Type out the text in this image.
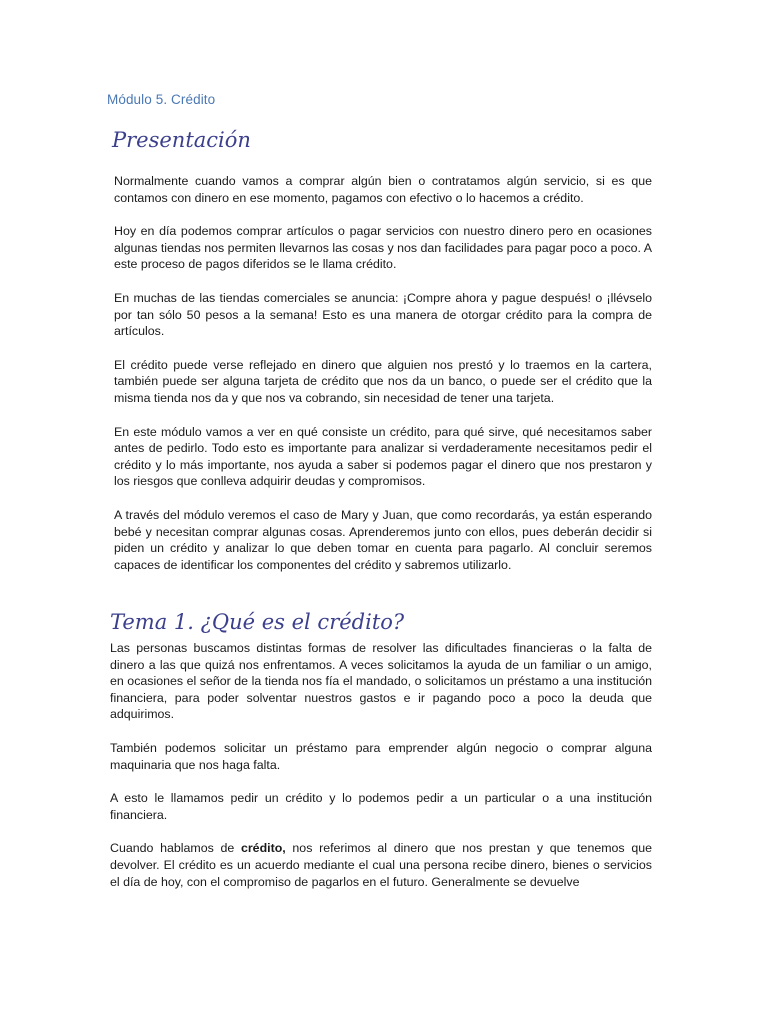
Módulo 5. Crédito
Presentación

Normalmente cuando vamos a comprar algún bien o contratamos algún servicio, si es que contamos con dinero en ese momento, pagamos con efectivo o lo hacemos a crédito.

Hoy en día podemos comprar artículos o pagar servicios con nuestro dinero pero en ocasiones algunas tiendas nos permiten llevarnos las cosas y nos dan facilidades para pagar poco a poco. A este proceso de pagos diferidos se le llama crédito.

En muchas de las tiendas comerciales se anuncia: ¡Compre ahora y pague después! o ¡llévselo por tan sólo 50 pesos a la semana! Esto es una manera de otorgar crédito para la compra de artículos.

El crédito puede verse reflejado en dinero que alguien nos prestó y lo traemos en la cartera, también puede ser alguna tarjeta de crédito que nos da un banco, o puede ser el crédito que la misma tienda nos da y que nos va cobrando, sin necesidad de tener una tarjeta.

En este módulo vamos a ver en qué consiste un crédito, para qué sirve, qué necesitamos saber antes de pedirlo. Todo esto es importante para analizar si verdaderamente necesitamos pedir el crédito y lo más importante, nos ayuda a saber si podemos pagar el dinero que nos prestaron y los riesgos que conlleva adquirir deudas y compromisos.

A través del módulo veremos el caso de Mary y Juan, que como recordarás, ya están esperando bebé y necesitan comprar algunas cosas. Aprenderemos junto con ellos, pues deberán decidir si piden un crédito y analizar lo que deben tomar en cuenta para pagarlo. Al concluir seremos capaces de identificar los componentes del crédito y sabremos utilizarlo.

Tema 1. ¿Qué es el crédito?

Las personas buscamos distintas formas de resolver las dificultades financieras o la falta de dinero a las que quizá nos enfrentamos. A veces solicitamos la ayuda de un familiar o un amigo, en ocasiones el señor de la tienda nos fía el mandado, o solicitamos un préstamo a una institución financiera, para poder solventar nuestros gastos e ir pagando poco a poco la deuda que adquirimos.

También podemos solicitar un préstamo para emprender algún negocio o comprar alguna maquinaria que nos haga falta.

A esto le llamamos pedir un crédito y lo podemos pedir a un particular o a una institución financiera.

Cuando hablamos de crédito, nos referimos al dinero que nos prestan y que tenemos que devolver. El crédito es un acuerdo mediante el cual una persona recibe dinero, bienes o servicios el día de hoy, con el compromiso de pagarlos en el futuro. Generalmente se devuelve
